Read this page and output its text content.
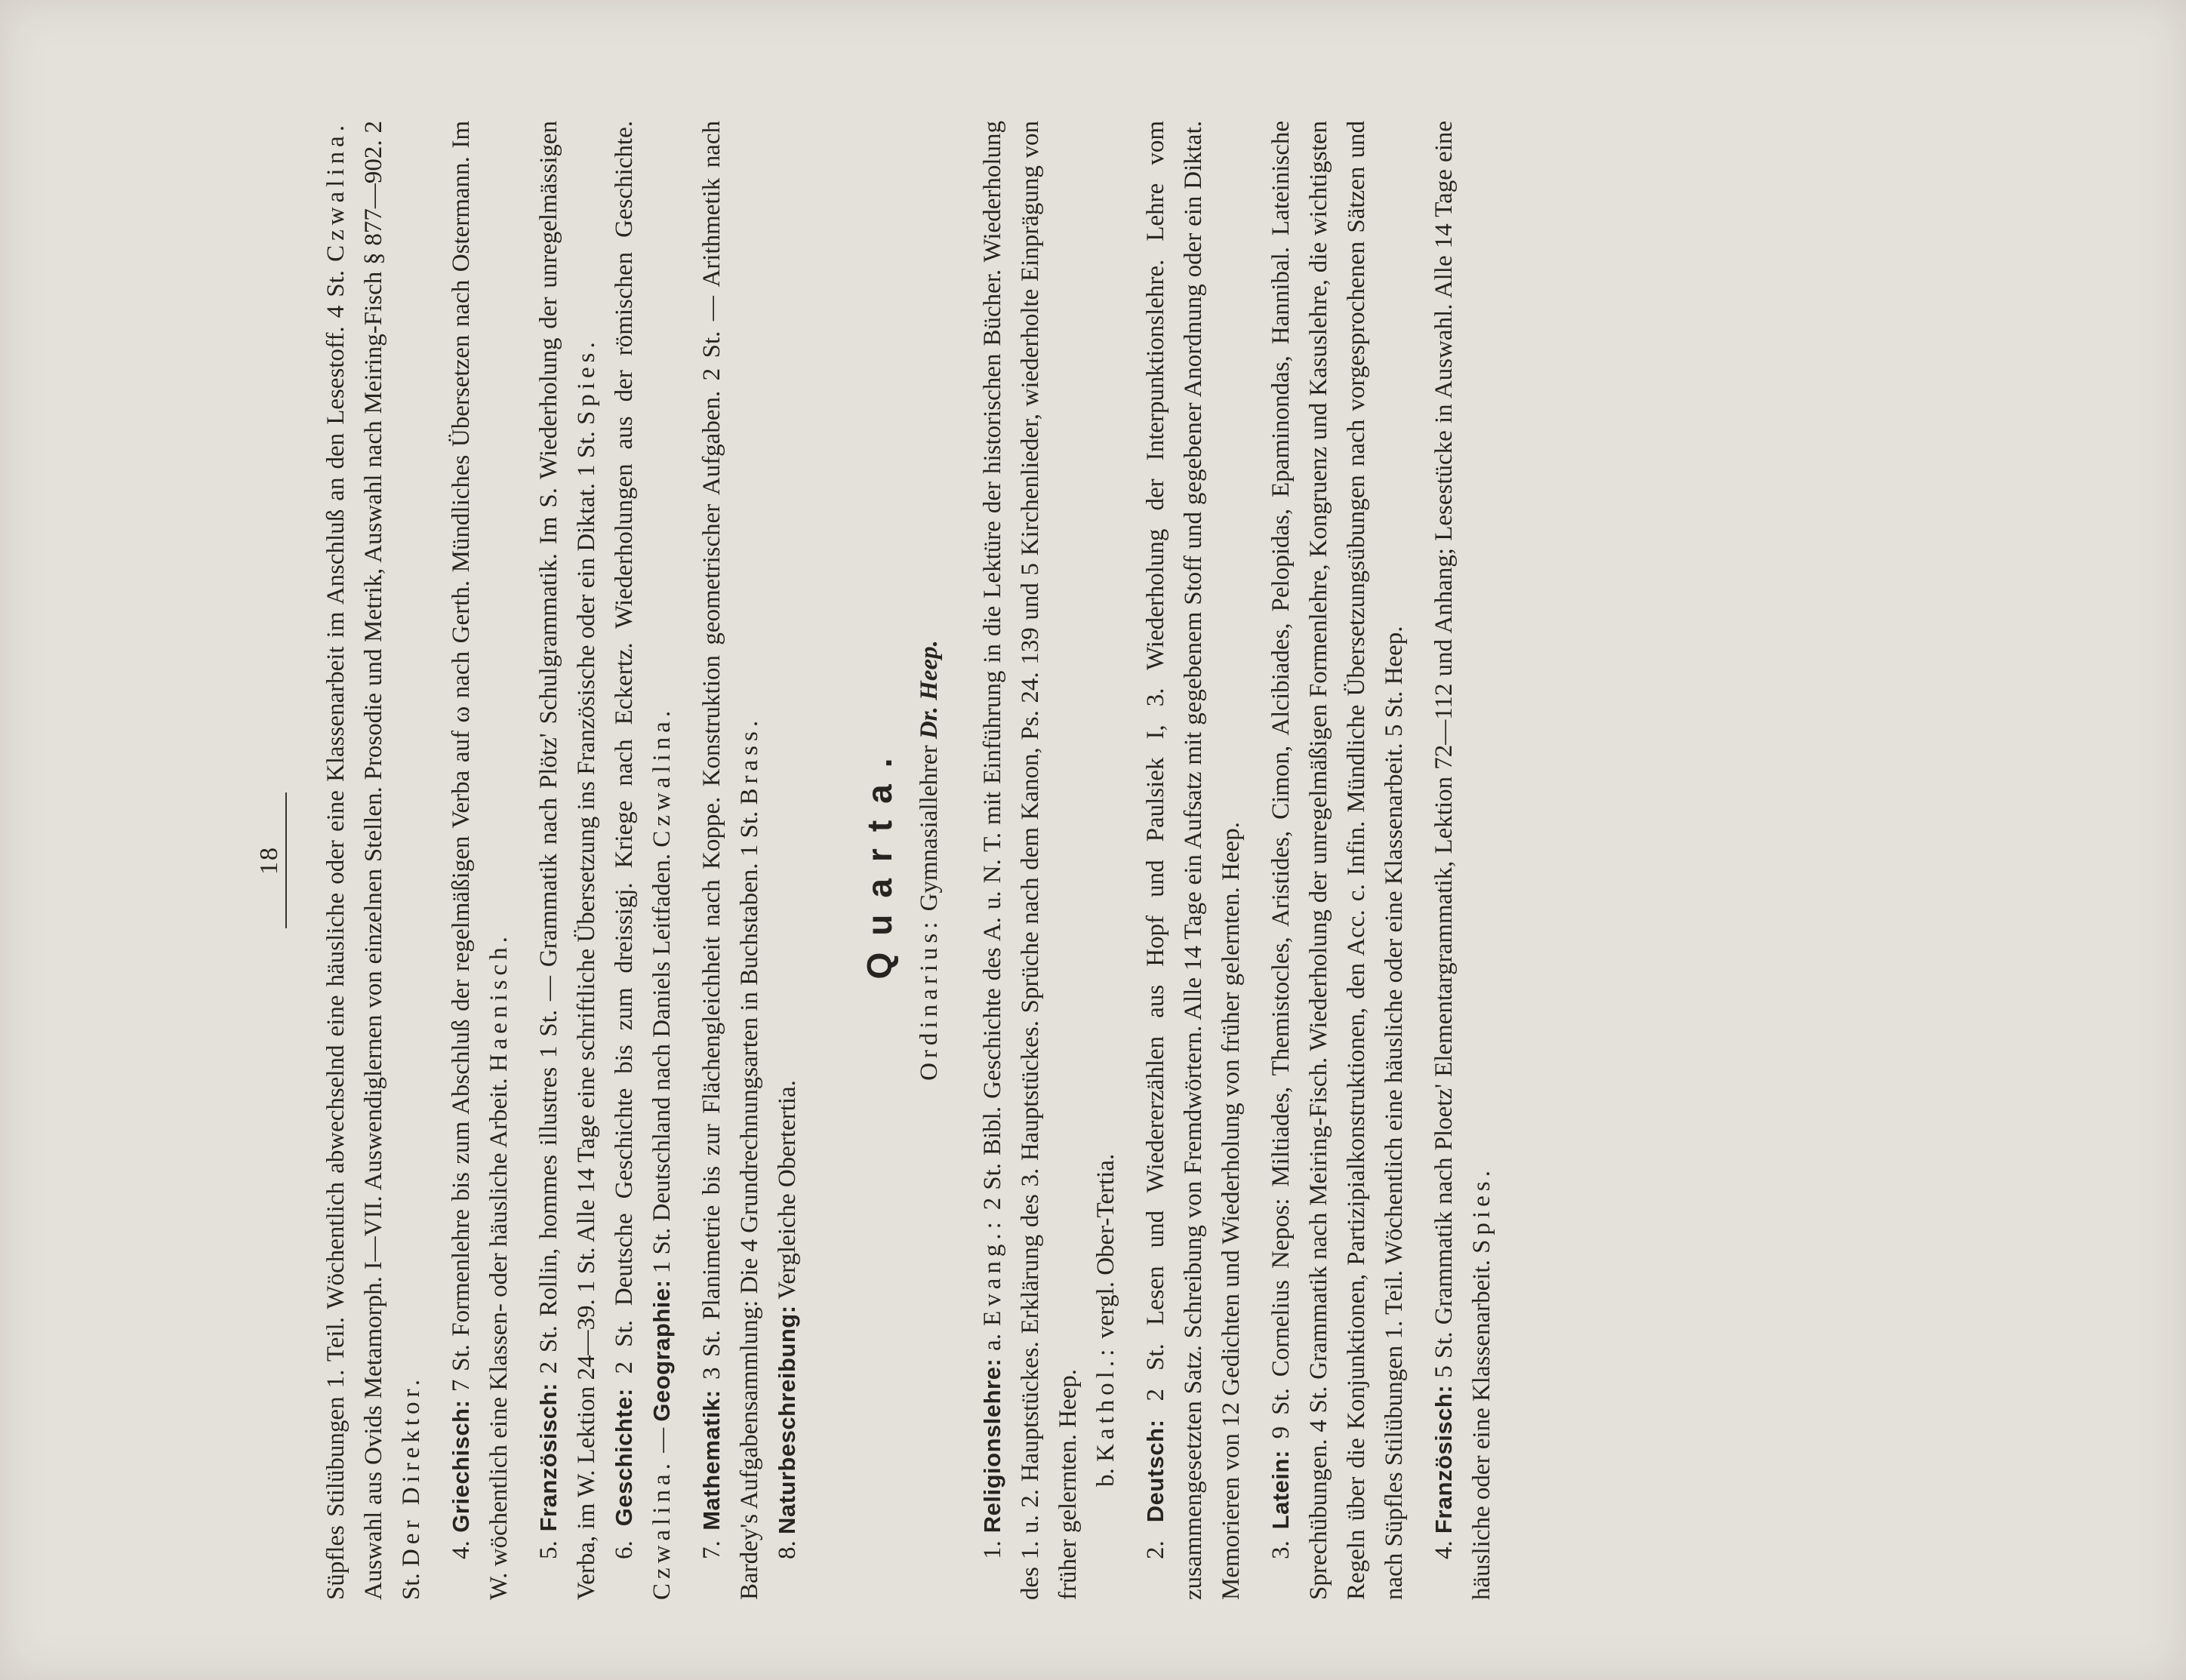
18 Süpfles Stilübungen 1. Teil. Wöchentlich abwechselnd eine häusliche oder eine Klassenarbeit im Anschluß an den Lesestoff. 4 St. Czwalina. Auswahl aus Ovids Metamorph. I—VII. Auswendiglernen von einzelnen Stellen. Prosodie und Metrik, Auswahl nach Meiring-Fisch § 877—902. 2 St. Der Direktor. 4. Griechisch: 7 St. Formenlehre bis zum Abschluß der regelmäßigen Verba auf ω nach Gerth. Mündliches Übersetzen nach Ostermann. Im W. wöchentlich eine Klassen- oder häusliche Arbeit. Haenisch.

5. Französisch: 2 St. Rollin, hommes illustres 1 St. — Grammatik nach Plötz' Schulgrammatik. Im S. Wiederholung der unregelmässigen Verba, im W. Lektion 24—39. 1 St. Alle 14 Tage eine schriftliche Übersetzung ins Französische oder ein Diktat. 1 St. Spies.

6. Geschichte: 2 St. Deutsche Geschichte bis zum dreissigj. Kriege nach Eckertz. Wiederholungen aus der römischen Geschichte. Czwalina. — Geographie: 1 St. Deutschland nach Daniels Leitfaden. Czwalina.

7. Mathematik: 3 St. Planimetrie bis zur Flächengleichheit nach Koppe. Konstruktion geometrischer Aufgaben. 2 St. — Arithmetik nach Bardey's Aufgabensammlung: Die 4 Grundrechnungsarten in Buchstaben. 1 St. Brass.

8. Naturbeschreibung: Vergleiche Obertertia.

Quarta.
Ordinarius: Gymnasiallehrer Dr. Heep.

1. Religionslehre: a. Evang.: 2 St. Bibl. Geschichte des A. u. N. T. mit Einführung in die Lektüre der historischen Bücher. Wiederholung des 1. u. 2. Hauptstückes. Erklärung des 3. Hauptstückes. Sprüche nach dem Kanon, Ps. 24. 139 und 5 Kirchenlieder, wiederholte Einprägung von früher gelernten. Heep.

b. Kathol.: vergl. Ober-Tertia.

2. Deutsch: 2 St. Lesen und Wiedererzählen aus Hopf und Paulsiek I, 3. Wiederholung der Interpunktionslehre. Lehre vom zusammengesetzten Satz. Schreibung von Fremdwörtern. Alle 14 Tage ein Aufsatz mit gegebenem Stoff und gegebener Anordnung oder ein Diktat. Memorieren von 12 Gedichten und Wiederholung von früher gelernten. Heep.

3. Latein: 9 St. Cornelius Nepos: Miltiades, Themistocles, Aristides, Cimon, Alcibiades, Pelopidas, Epaminondas, Hannibal. Lateinische Sprechübungen. 4 St. Grammatik nach Meiring-Fisch. Wiederholung der unregelmäßigen Formenlehre, Kongruenz und Kasuslehre, die wichtigsten Regeln über die Konjunktionen, Partizipialkonstruktionen, den Acc. c. Infin. Mündliche Übersetzungsübungen nach vorgesprochenen Sätzen und nach Süpfles Stilübungen 1. Teil. Wöchentlich eine häusliche oder eine Klassenarbeit. 5 St. Heep.

4. Französisch: 5 St. Grammatik nach Ploetz' Elementargrammatik, Lektion 72—112 und Anhang; Lesestücke in Auswahl. Alle 14 Tage eine häusliche oder eine Klassenarbeit. Spies.
